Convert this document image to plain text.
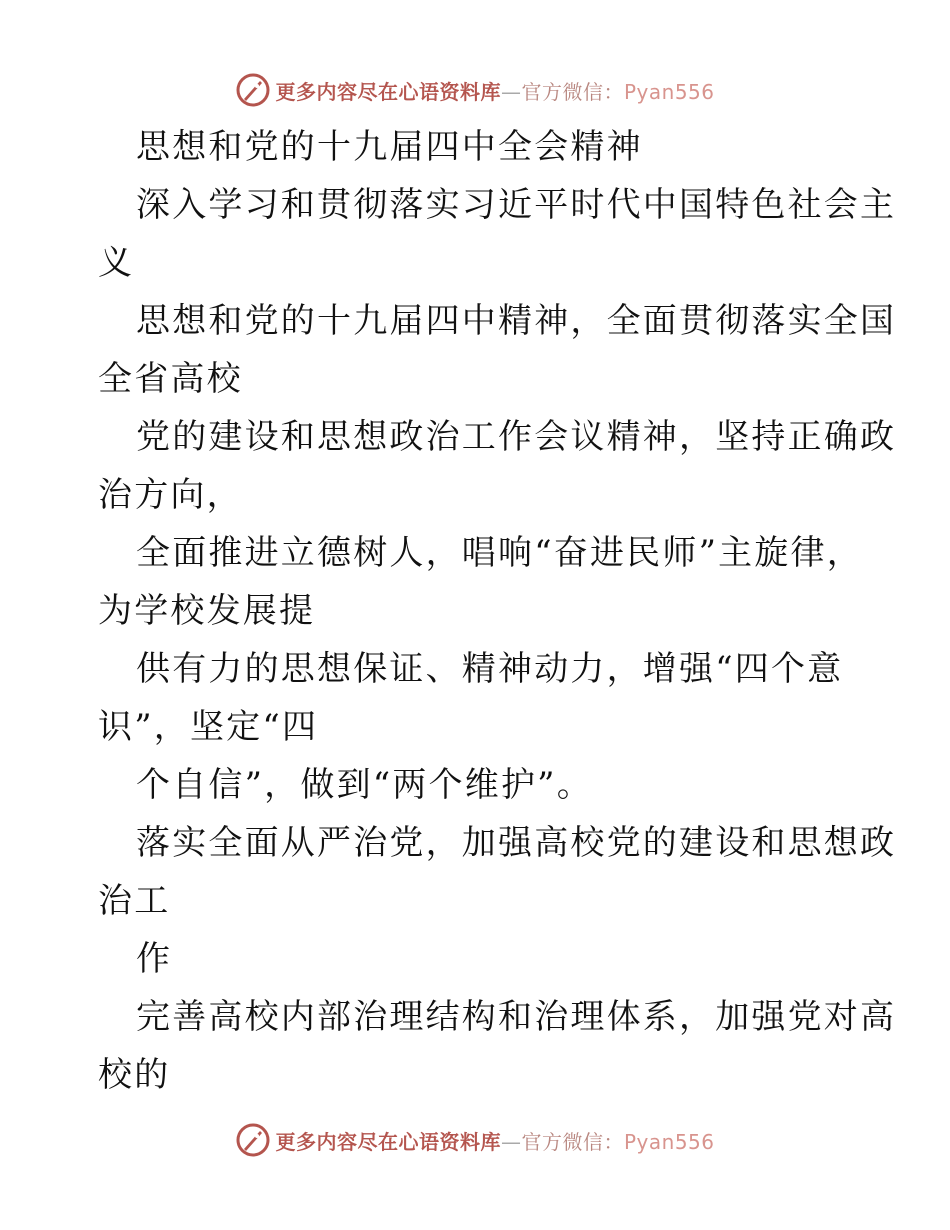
更多内容尽在心语资料库—官方微信：Pyan556
思想和党的十九届四中全会精神
深入学习和贯彻落实习近平时代中国特色社会主
义
思想和党的十九届四中精神，全面贯彻落实全国
全省高校
党的建设和思想政治工作会议精神，坚持正确政
治方向，
全面推进立德树人，唱响“奋进民师”主旋律，
为学校发展提
供有力的思想保证、精神动力，增强“四个意
识”，坚定“四
个自信”，做到“两个维护”。
落实全面从严治党，加强高校党的建设和思想政
治工
作
完善高校内部治理结构和治理体系，加强党对高
校的
更多内容尽在心语资料库—官方微信：Pyan556
